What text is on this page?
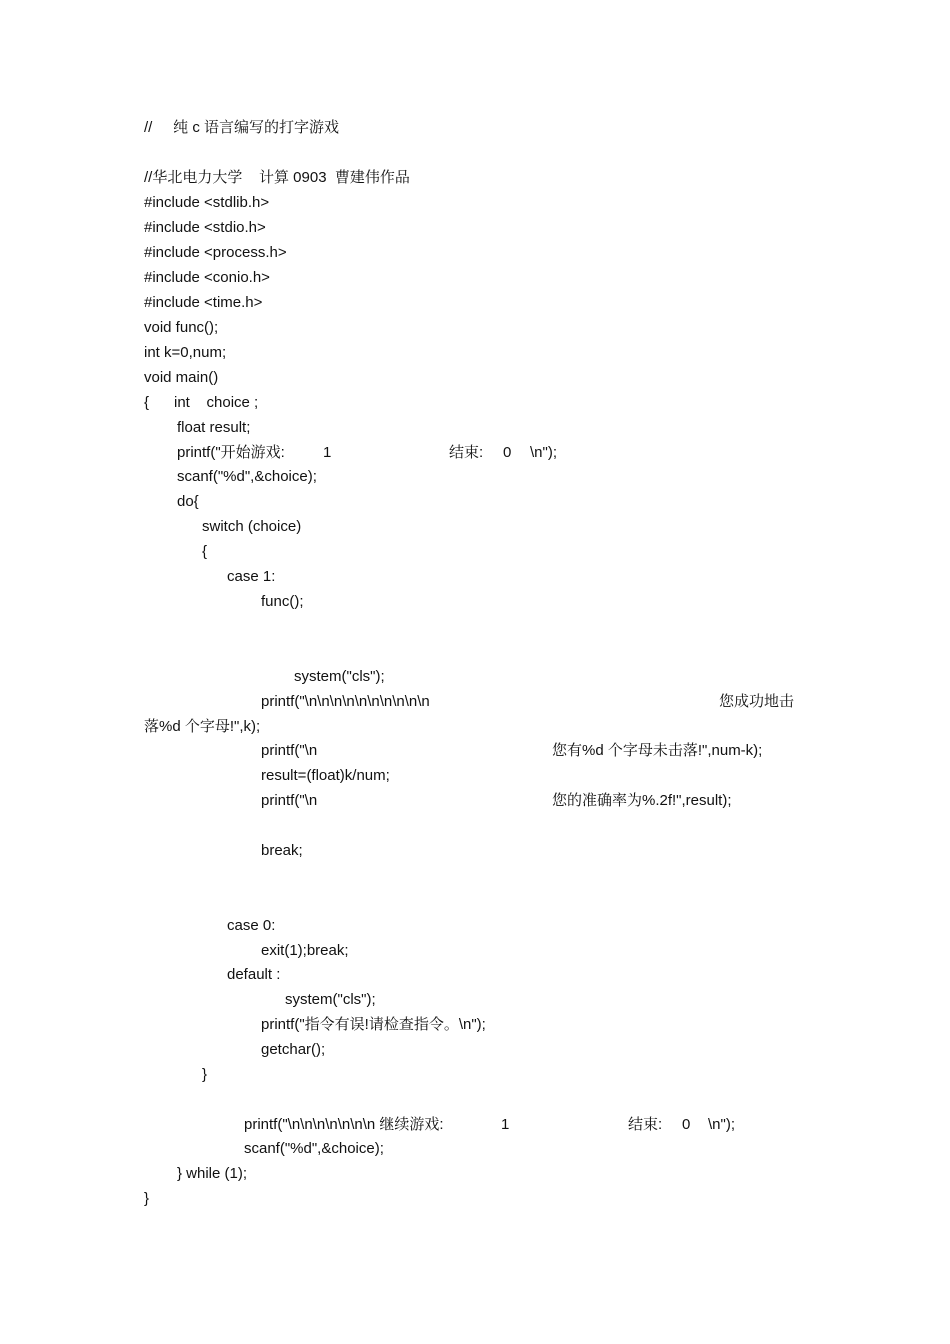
//     纯 c 语言编写的打字游戏
//华北电力大学    计算 0903  曹建伟作品
#include <stdlib.h>
#include <stdio.h>
#include <process.h>
#include <conio.h>
#include <time.h>
void func();
int k=0,num;
void main()
{ int    choice ;
float result;
printf("开始游戏:	1	结束: 0 \n");
scanf("%d",&choice);
do{
switch (choice)
{
case 1:
func();
system("cls");
printf("\n\n\n\n\n\n\n\n\n\n	您成功地击
落%d 个字母!",k);
printf("\n	您有%d 个字母未击落!",num-k);
result=(float)k/num;
printf("\n	您的准确率为%.2f!",result);
break;
case 0:
exit(1);break;
default :
system("cls");
printf("指令有误!请检查指令。\n");
getchar();
}
printf("\n\n\n\n\n\n\n 继续游戏:	1	结束: 0 \n");
scanf("%d",&choice);
} while (1);
}
